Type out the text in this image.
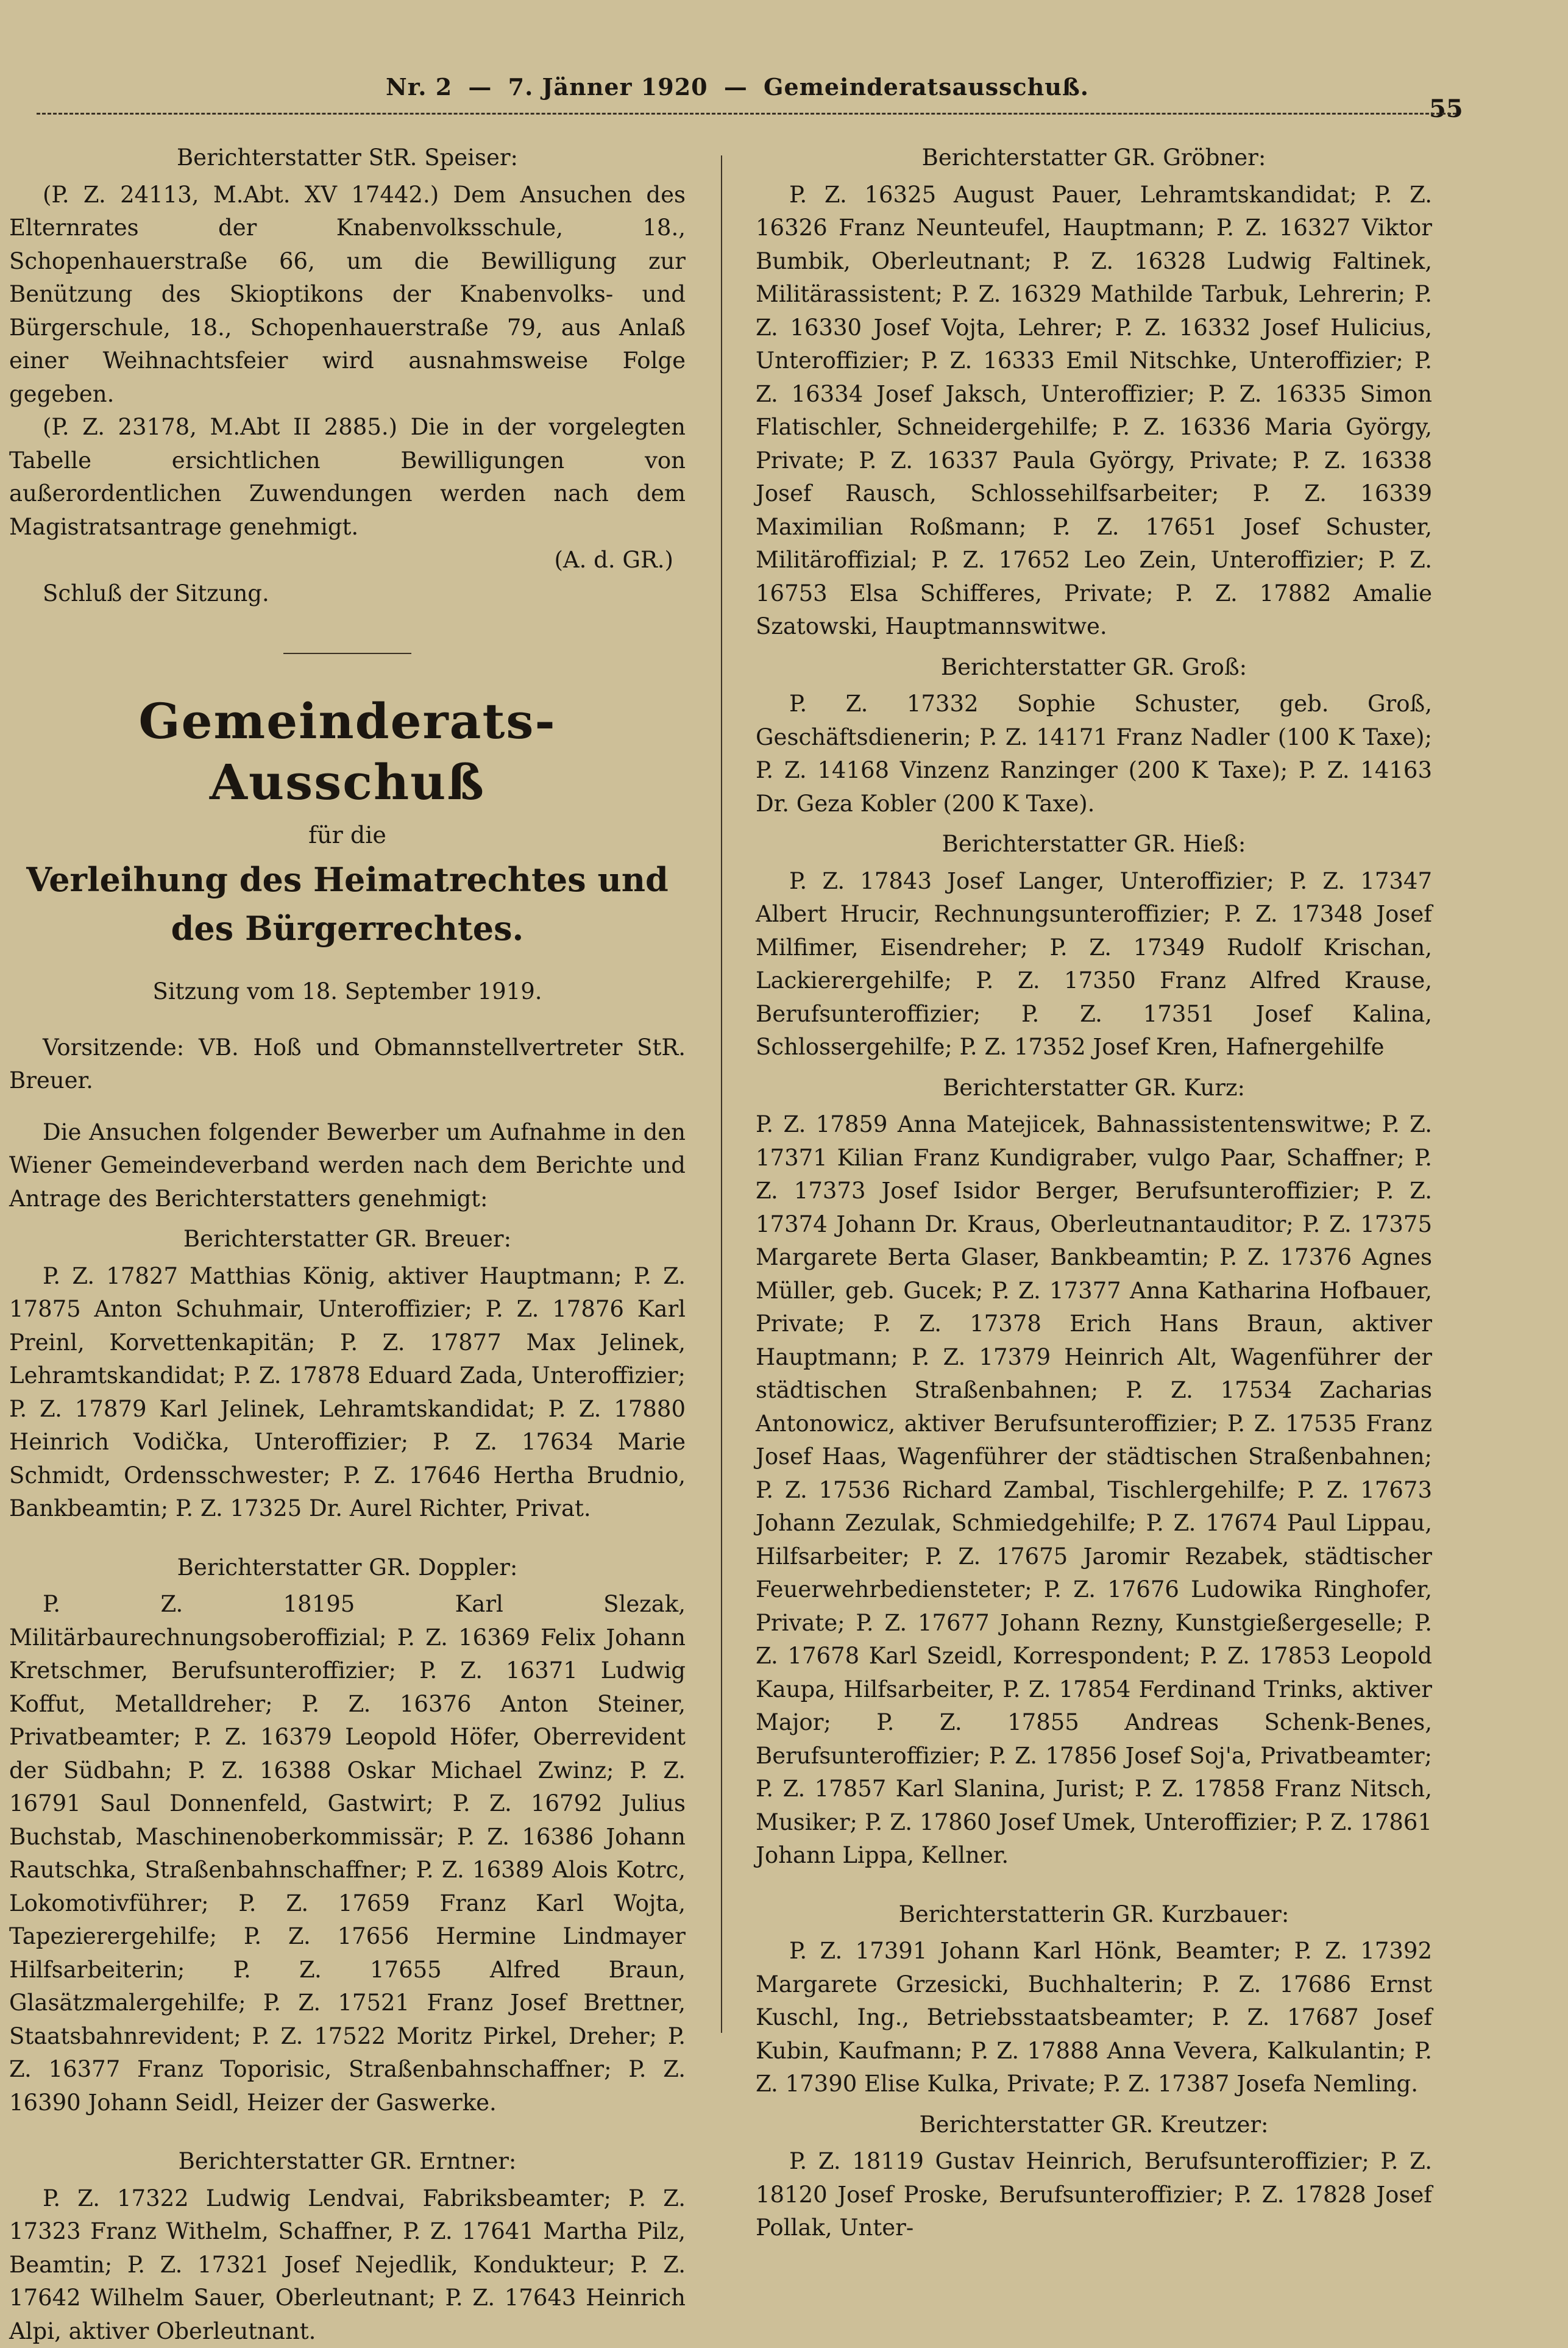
Nr. 2 — 7. Jänner 1920 — Gemeinderatsausschuß.
55

Berichterstatter StR. Speiser:

(P. Z. 24113, M.Abt. XV 17442.) Dem Ansuchen des Elternrates der Knabenvolksschule, 18., Schopenhauerstraße 66, um die Bewilligung zur Benützung des Skioptikons der Knabenvolks- und Bürgerschule, 18., Schopenhauerstraße 79, aus Anlaß einer Weihnachtsfeier wird ausnahmsweise Folge gegeben.

(P. Z. 23178, M.Abt II 2885.) Die in der vorgelegten Tabelle ersichtlichen Bewilligungen von außerordentlichen Zuwendungen werden nach dem Magistratsantrage genehmigt.

(A. d. GR.)

Schluß der Sitzung.

Gemeinderats-Ausschuß
für die
Verleihung des Heimatrechtes und des Bürgerrechtes.

Sitzung vom 18. September 1919.

Vorsitzende: VB. Hoß und Obmannstellvertreter StR. Breuer.

Die Ansuchen folgender Bewerber um Aufnahme in den Wiener Gemeindeverband werden nach dem Berichte und Antrage des Berichterstatters genehmigt:

Berichterstatter GR. Breuer:

P. Z. 17827 Matthias König, aktiver Hauptmann; P. Z. 17875 Anton Schuhmair, Unteroffizier; P. Z. 17876 Karl Preinl, Korvettenkapitän; P. Z. 17877 Max Jelinek, Lehramtskandidat; P. Z. 17878 Eduard Zada, Unteroffizier; P. Z. 17879 Karl Jelinek, Lehramtskandidat; P. Z. 17880 Heinrich Vodička, Unteroffizier; P. Z. 17634 Marie Schmidt, Ordensschwester; P. Z. 17646 Hertha Brudnio, Bankbeamtin; P. Z. 17325 Dr. Aurel Richter, Privat.

Berichterstatter GR. Doppler:

P. Z. 18195 Karl Slezak, Militärbaurechnungsoberoffizial; P. Z. 16369 Felix Johann Kretschmer, Berufsunteroffizier; P. Z. 16371 Ludwig Koffut, Metalldreher; P. Z. 16376 Anton Steiner, Privatbeamter; P. Z. 16379 Leopold Höfer, Oberrevident der Südbahn; P. Z. 16388 Oskar Michael Zwinz; P. Z. 16791 Saul Donnenfeld, Gastwirt; P. Z. 16792 Julius Buchstab, Maschinenoberkommissär; P. Z. 16386 Johann Rautschka, Straßenbahnschaffner; P. Z. 16389 Alois Kotrc, Lokomotivführer; P. Z. 17659 Franz Karl Wojta, Tapezierergehilfe; P. Z. 17656 Hermine Lindmayer Hilfsarbeiterin; P. Z. 17655 Alfred Braun, Glasätzmalergehilfe; P. Z. 17521 Franz Josef Brettner, Staatsbahnrevident; P. Z. 17522 Moritz Pirkel, Dreher; P. Z. 16377 Franz Toporisic, Straßenbahnschaffner; P. Z. 16390 Johann Seidl, Heizer der Gaswerke.

Berichterstatter GR. Erntner:

P. Z. 17322 Ludwig Lendvai, Fabriksbeamter; P. Z. 17323 Franz Withelm, Schaffner, P. Z. 17641 Martha Pilz, Beamtin; P. Z. 17321 Josef Nejedlik, Kondukteur; P. Z. 17642 Wilhelm Sauer, Oberleutnant; P. Z. 17643 Heinrich Alpi, aktiver Oberleutnant.

Berichterstatter GR. Gröbner:

P. Z. 16325 August Pauer, Lehramtskandidat; P. Z. 16326 Franz Neunteufel, Hauptmann; P. Z. 16327 Viktor Bumbik, Oberleutnant; P. Z. 16328 Ludwig Faltinek, Militärassistent; P. Z. 16329 Mathilde Tarbuk, Lehrerin; P. Z. 16330 Josef Vojta, Lehrer; P. Z. 16332 Josef Hulicius, Unteroffizier; P. Z. 16333 Emil Nitschke, Unteroffizier; P. Z. 16334 Josef Jaksch, Unteroffizier; P. Z. 16335 Simon Flatischler, Schneidergehilfe; P. Z. 16336 Maria György, Private; P. Z. 16337 Paula György, Private; P. Z. 16338 Josef Rausch, Schlossehilfsarbeiter; P. Z. 16339 Maximilian Roßmann; P. Z. 17651 Josef Schuster, Militäroffizial; P. Z. 17652 Leo Zein, Unteroffizier; P. Z. 16753 Elsa Schifferes, Private; P. Z. 17882 Amalie Szatowski, Hauptmannswitwe.

Berichterstatter GR. Groß:

P. Z. 17332 Sophie Schuster, geb. Groß, Geschäftsdienerin; P. Z. 14171 Franz Nadler (100 K Taxe); P. Z. 14168 Vinzenz Ranzinger (200 K Taxe); P. Z. 14163 Dr. Geza Kobler (200 K Taxe).

Berichterstatter GR. Hieß:

P. Z. 17843 Josef Langer, Unteroffizier; P. Z. 17347 Albert Hrucir, Rechnungsunteroffizier; P. Z. 17348 Josef Milfimer, Eisendreher; P. Z. 17349 Rudolf Krischan, Lackierergehilfe; P. Z. 17350 Franz Alfred Krause, Berufsunteroffizier; P. Z. 17351 Josef Kalina, Schlossergehilfe; P. Z. 17352 Josef Kren, Hafnergehilfe

Berichterstatter GR. Kurz:

P. Z. 17859 Anna Matejicek, Bahnassistentenswitwe; P. Z. 17371 Kilian Franz Kundigraber, vulgo Paar, Schaffner; P. Z. 17373 Josef Isidor Berger, Berufsunteroffizier; P. Z. 17374 Johann Dr. Kraus, Oberleutnantauditor; P. Z. 17375 Margarete Berta Glaser, Bankbeamtin; P. Z. 17376 Agnes Müller, geb. Gucek; P. Z. 17377 Anna Katharina Hofbauer, Private; P. Z. 17378 Erich Hans Braun, aktiver Hauptmann; P. Z. 17379 Heinrich Alt, Wagenführer der städtischen Straßenbahnen; P. Z. 17534 Zacharias Antonowicz, aktiver Berufsunteroffizier; P. Z. 17535 Franz Josef Haas, Wagenführer der städtischen Straßenbahnen; P. Z. 17536 Richard Zambal, Tischlergehilfe; P. Z. 17673 Johann Zezulak, Schmiedgehilfe; P. Z. 17674 Paul Lippau, Hilfsarbeiter; P. Z. 17675 Jaromir Rezabek, städtischer Feuerwehrbediensteter; P. Z. 17676 Ludowika Ringhofer, Private; P. Z. 17677 Johann Rezny, Kunstgießergeselle; P. Z. 17678 Karl Szeidl, Korrespondent; P. Z. 17853 Leopold Kaupa, Hilfsarbeiter, P. Z. 17854 Ferdinand Trinks, aktiver Major; P. Z. 17855 Andreas Schenk-Benes, Berufsunteroffizier; P. Z. 17856 Josef Soj'a, Privatbeamter; P. Z. 17857 Karl Slanina, Jurist; P. Z. 17858 Franz Nitsch, Musiker; P. Z. 17860 Josef Umek, Unteroffizier; P. Z. 17861 Johann Lippa, Kellner.

Berichterstatterin GR. Kurzbauer:

P. Z. 17391 Johann Karl Hönk, Beamter; P. Z. 17392 Margarete Grzesicki, Buchhalterin; P. Z. 17686 Ernst Kuschl, Ing., Betriebsstaatsbeamter; P. Z. 17687 Josef Kubin, Kaufmann; P. Z. 17888 Anna Vevera, Kalkulantin; P. Z. 17390 Elise Kulka, Private; P. Z. 17387 Josefa Nemling.

Berichterstatter GR. Kreutzer:

P. Z. 18119 Gustav Heinrich, Berufsunteroffizier; P. Z. 18120 Josef Proske, Berufsunteroffizier; P. Z. 17828 Josef Pollak, Unter-
